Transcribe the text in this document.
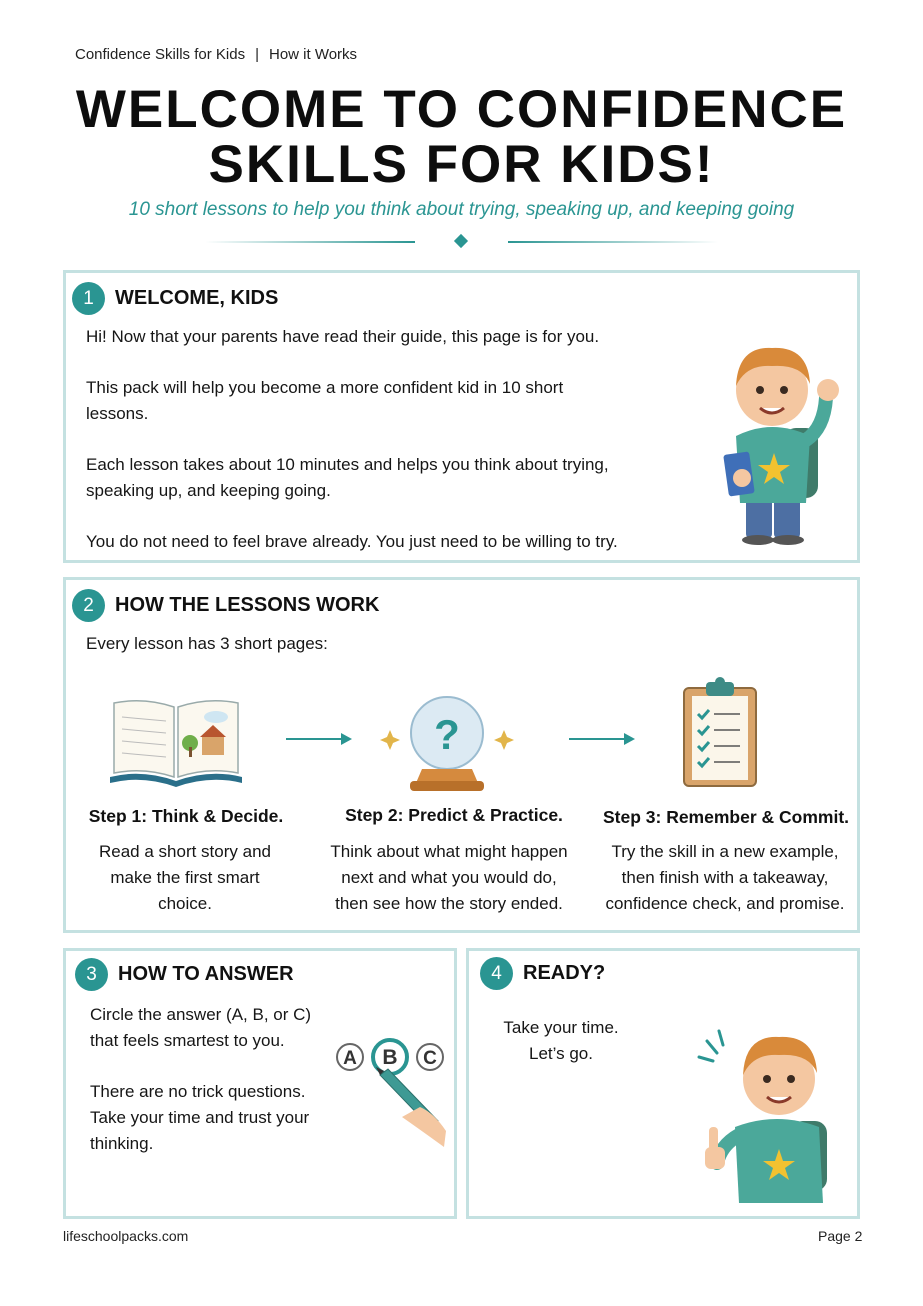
Confidence Skills for Kids | How it Works
WELCOME TO CONFIDENCE
SKILLS FOR KIDS!
10 short lessons to help you think about trying, speaking up, and keeping going
1	WELCOME, KIDS
Hi! Now that your parents have read their guide, this page is for you.
This pack will help you become a more confident kid in 10 short lessons.
Each lesson takes about 10 minutes and helps you think about trying, speaking up, and keeping going.
You do not need to feel brave already. You just need to be willing to try.
2	HOW THE LESSONS WORK
Every lesson has 3 short pages:
?
Step 1: Think & Decide.	Step 2: Predict & Practice.	Step 3: Remember & Commit.
Read a short story and make the first smart choice.
Think about what might happen next and what you would do, then see how the story ended.
Try the skill in a new example, then finish with a takeaway, confidence check, and promise.
3	HOW TO ANSWER
Circle the answer (A, B, or C) that feels smartest to you.
There are no trick questions. Take your time and trust your thinking.
A B C
4	READY?
Take your time.
Let’s go.
lifeschoolpacks.com	Page 2
